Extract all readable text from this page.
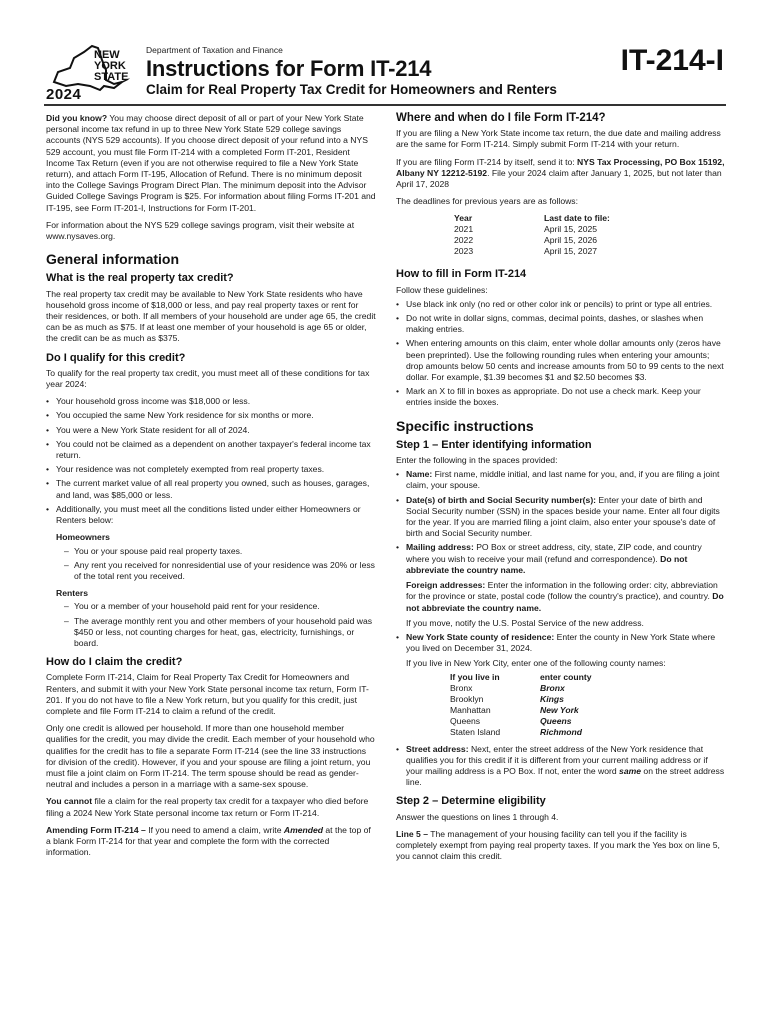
NEW
YORK
STATE
2024
Department of Taxation and Finance
Instructions for Form IT-214	IT-214-I
Claim for Real Property Tax Credit for Homeowners and Renters

Did you know? You may choose direct deposit of all or part of your New York State personal income tax refund in up to three New York State 529 college savings accounts (NYS 529 accounts). If you choose direct deposit of your refund into a NYS 529 account, you must file Form IT-214 with a completed Form IT-201, Resident Income Tax Return (even if you are not otherwise required to file a New York State return), and attach Form IT-195, Allocation of Refund. There is no minimum deposit into the College Savings Program Direct Plan. The minimum deposit into the Advisor Guided College Savings Program is $25. For information about filing Forms IT-201 and IT-195, see Form IT-201-I, Instructions for Form IT-201.

For information about the NYS 529 college savings program, visit their website at www.nysaves.org.

General information
What is the real property tax credit?

The real property tax credit may be available to New York State residents who have household gross income of $18,000 or less, and pay real property taxes or rent for their residences, or both. If all members of your household are under age 65, the credit can be as much as $75. If at least one member of your household is age 65 or older, the credit can be as much as $375.

Do I qualify for this credit?

To qualify for the real property tax credit, you must meet all of these conditions for tax year 2024:

• Your household gross income was $18,000 or less.
• You occupied the same New York residence for six months or more.
• You were a New York State resident for all of 2024.
• You could not be claimed as a dependent on another taxpayer's federal income tax return.
• Your residence was not completely exempted from real property taxes.
• The current market value of all real property you owned, such as houses, garages, and land, was $85,000 or less.
• Additionally, you must meet all the conditions listed under either Homeowners or Renters below:
Homeowners
– You or your spouse paid real property taxes.
– Any rent you received for nonresidential use of your residence was 20% or less of the total rent you received.
Renters
– You or a member of your household paid rent for your residence.
– The average monthly rent you and other members of your household paid was $450 or less, not counting charges for heat, gas, electricity, furnishings, or board.
How do I claim the credit?

Complete Form IT-214, Claim for Real Property Tax Credit for Homeowners and Renters, and submit it with your New York State personal income tax return, Form IT-201. If you do not have to file a New York return, but you qualify for this credit, just complete and file Form IT-214 to claim a refund of the credit.

Only one credit is allowed per household. If more than one household member qualifies for the credit, you may divide the credit. Each member of your household who qualifies for the credit has to file a separate Form IT-214 (see the line 33 instructions for division of the credit). However, if you and your spouse are filing a joint return, you must file a joint claim on Form IT-214. The term spouse should be read as gender-neutral and includes a person in a marriage with a same-sex spouse.

You cannot file a claim for the real property tax credit for a taxpayer who died before filing a 2024 New York State personal income tax return or Form IT-214.

Amending Form IT-214 – If you need to amend a claim, write Amended at the top of a blank Form IT-214 for that year and complete the form with the corrected information.

Where and when do I file Form IT-214?

If you are filing a New York State income tax return, the due date and mailing address are the same for Form IT-214. Simply submit Form IT-214 with your return.

If you are filing Form IT-214 by itself, send it to: NYS Tax Processing, PO Box 15192, Albany NY 12212-5192. File your 2024 claim after January 1, 2025, but not later than April 17, 2028

The deadlines for previous years are as follows:

Year	Last date to file:
2021	April 15, 2025
2022	April 15, 2026
2023	April 15, 2027
How to fill in Form IT-214

Follow these guidelines:

• Use black ink only (no red or other color ink or pencils) to print or type all entries.
• Do not write in dollar signs, commas, decimal points, dashes, or slashes when making entries.
• When entering amounts on this claim, enter whole dollar amounts only (zeros have been preprinted). Use the following rounding rules when entering your amounts; drop amounts below 50 cents and increase amounts from 50 to 99 cents to the next dollar. For example, $1.39 becomes $1 and $2.50 becomes $3.
• Mark an X to fill in boxes as appropriate. Do not use a check mark. Keep your entries inside the boxes.
Specific instructions
Step 1 – Enter identifying information

Enter the following in the spaces provided:

• Name: First name, middle initial, and last name for you, and, if you are filing a joint claim, your spouse.
• Date(s) of birth and Social Security number(s): Enter your date of birth and Social Security number (SSN) in the spaces beside your name. Enter all four digits for the year. If you are married filing a joint claim, also enter your spouse's date of birth and Social Security number.
• Mailing address: PO Box or street address, city, state, ZIP code, and country where you wish to receive your mail (refund and correspondence). Do not abbreviate the country name.
Foreign addresses: Enter the information in the following order: city, abbreviation for the province or state, postal code (follow the country's practice), and country. Do not abbreviate the country name.
If you move, notify the U.S. Postal Service of the new address.
• New York State county of residence: Enter the county in New York State where you lived on December 31, 2024.
If you live in New York City, enter one of the following county names:
If you live in	enter county
Bronx	Bronx
Brooklyn	Kings
Manhattan	New York
Queens	Queens
Staten Island	Richmond
• Street address: Next, enter the street address of the New York residence that qualifies you for this credit if it is different from your current mailing address or if your mailing address is a PO Box. If not, enter the word same on the street address line.
Step 2 – Determine eligibility

Answer the questions on lines 1 through 4.

Line 5 – The management of your housing facility can tell you if the facility is completely exempt from paying real property taxes. If you mark the Yes box on line 5, you cannot claim this credit.
